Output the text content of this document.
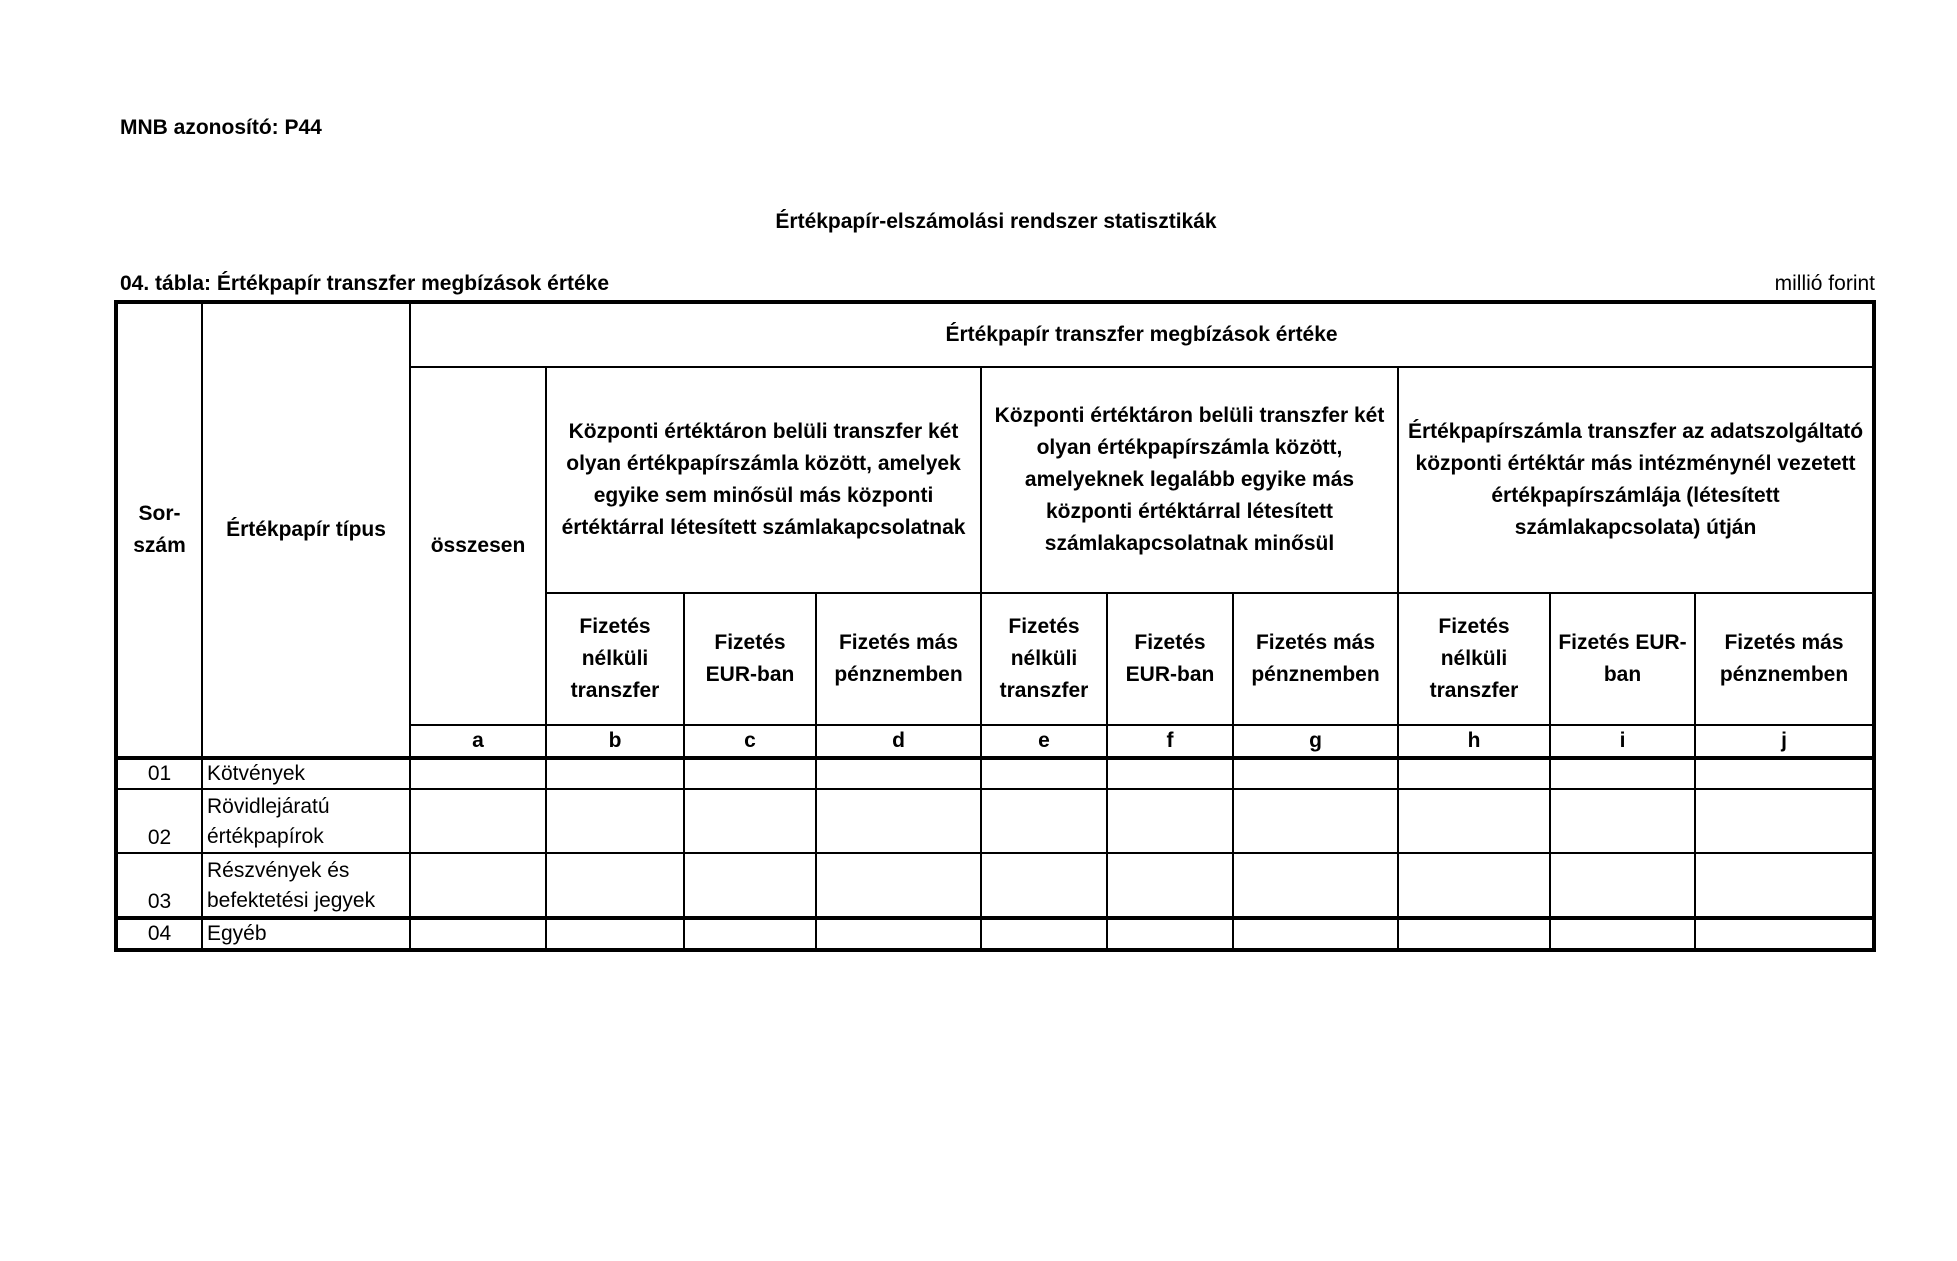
MNB azonosító: P44
Értékpapír-elszámolási rendszer statisztikák
04. tábla: Értékpapír transzfer megbízások értéke	millió forint
Sor-szám	Értékpapír típus	Értékpapír transzfer megbízások értéke									
		összesen	Központi értéktáron belüli transzfer két olyan értékpapírszámla között, amelyek egyike sem minősül más központi értéktárral létesített számlakapcsolatnak			Központi értéktáron belüli transzfer két olyan értékpapírszámla között, amelyeknek legalább egyike más központi értéktárral létesített számlakapcsolatnak minősül			Értékpapírszámla transzfer az adatszolgáltató központi értéktár más intézménynél vezetett értékpapírszámlája (létesített számlakapcsolata) útján		
			Fizetés nélküli transzfer	Fizetés EUR-ban	Fizetés más pénznemben	Fizetés nélküli transzfer	Fizetés EUR-ban	Fizetés más pénznemben	Fizetés nélküli transzfer	Fizetés EUR-ban	Fizetés más pénznemben
		a	b	c	d	e	f	g	h	i	j
01	Kötvények										
02	Rövidlejáratú
értékpapírok										

03	Részvények és
befektetési jegyek										

04	Egyéb										
